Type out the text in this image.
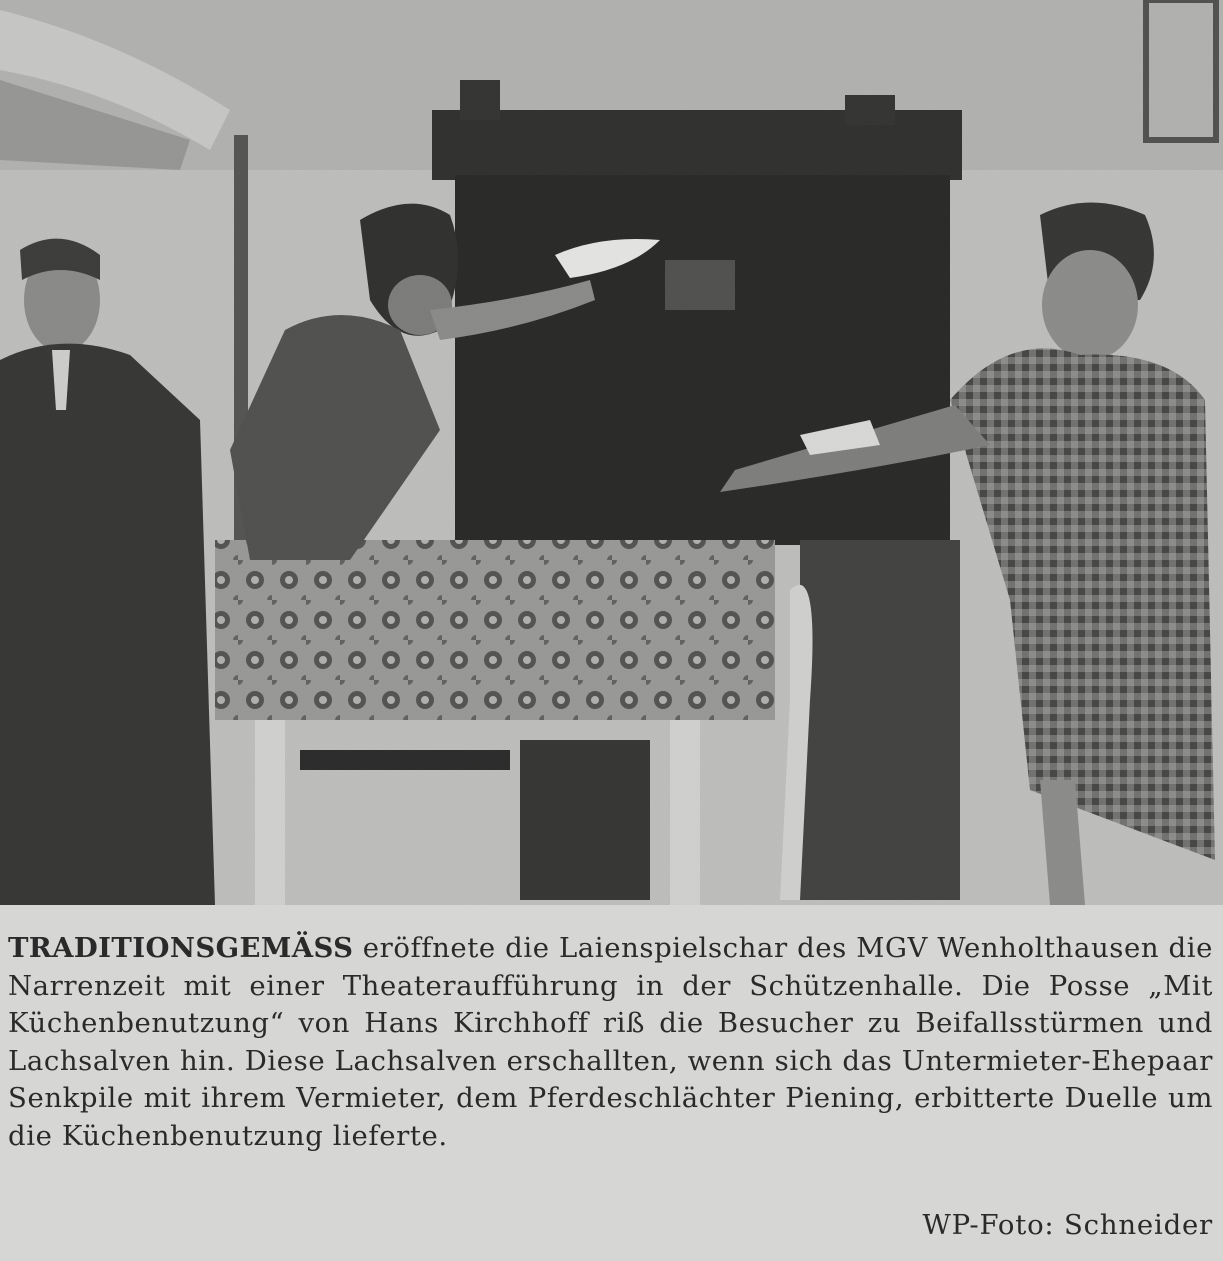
TRADITIONSGEMÄSS eröffnete die Laienspielschar des MGV Wenholthausen die Narrenzeit mit einer Theateraufführung in der Schützenhalle. Die Posse „Mit Küchenbenutzung“ von Hans Kirchhoff riß die Besucher zu Beifallsstürmen und Lachsalven hin. Diese Lachsalven erschallten, wenn sich das Untermieter-Ehepaar Senkpile mit ihrem Vermieter, dem Pferdeschlächter Piening, erbitterte Duelle um die Küchenbenutzung lieferte.

WP-Foto: Schneider
